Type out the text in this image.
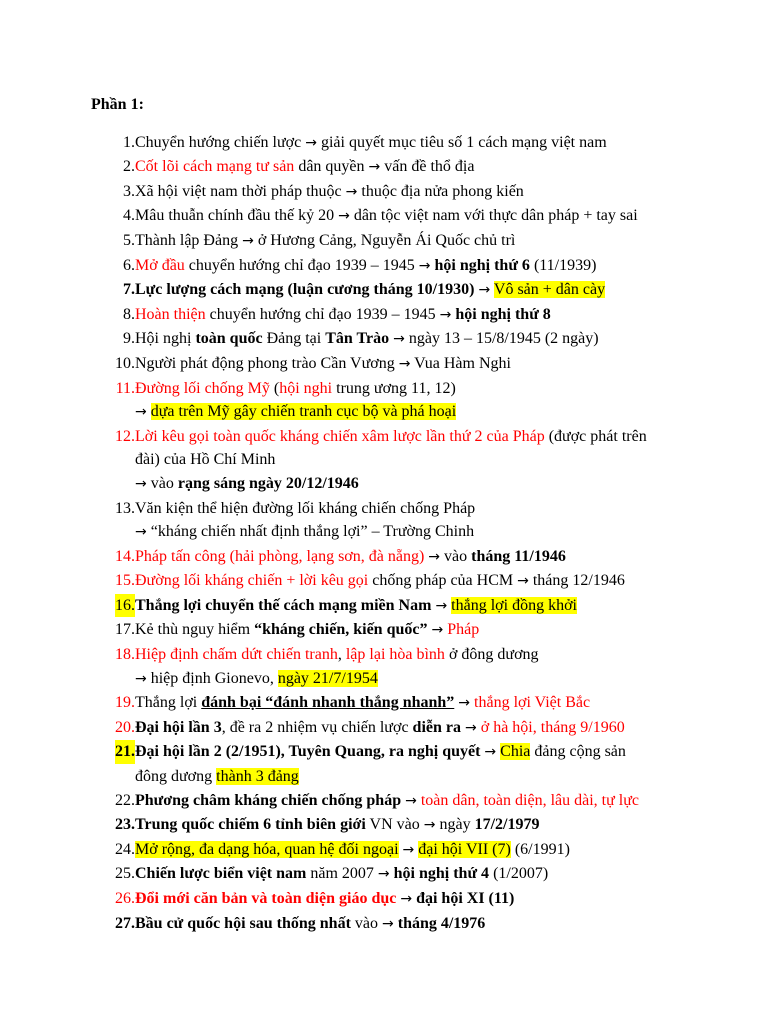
Phần 1:
1. Chuyển hướng chiến lược → giải quyết mục tiêu số 1 cách mạng việt nam
2. Cốt lõi cách mạng tư sản dân quyền → vấn đề thổ địa
3. Xã hội việt nam thời pháp thuộc → thuộc địa nửa phong kiến
4. Mâu thuẫn chính đầu thế kỷ 20 → dân tộc việt nam với thực dân pháp + tay sai
5. Thành lập Đảng → ở Hương Cảng, Nguyễn Ái Quốc chủ trì
6. Mở đầu chuyển hướng chỉ đạo 1939 – 1945 → hội nghị thứ 6 (11/1939)
7. Lực lượng cách mạng (luận cương tháng 10/1930) → Vô sản + dân cày
8. Hoàn thiện chuyển hướng chỉ đạo 1939 – 1945 → hội nghị thứ 8
9. Hội nghị toàn quốc Đảng tại Tân Trào → ngày 13 – 15/8/1945 (2 ngày)
10. Người phát động phong trào Cần Vương → Vua Hàm Nghi
11. Đường lối chống Mỹ (hội nghi trung ương 11, 12)
→ dựa trên Mỹ gây chiến tranh cục bộ và phá hoại
12. Lời kêu gọi toàn quốc kháng chiến xâm lược lần thứ 2 của Pháp (được phát trên
đài) của Hồ Chí Minh
→ vào rạng sáng ngày 20/12/1946
13. Văn kiện thể hiện đường lối kháng chiến chống Pháp
→ “kháng chiến nhất định thắng lợi” – Trường Chinh
14. Pháp tấn công (hải phòng, lạng sơn, đà nẵng) → vào tháng 11/1946
15. Đường lối kháng chiến + lời kêu gọi chống pháp của HCM → tháng 12/1946
16. Thắng lợi chuyển thế cách mạng miền Nam → thắng lợi đồng khởi
17. Kẻ thù nguy hiểm “kháng chiến, kiến quốc” → Pháp
18. Hiệp định chấm dứt chiến tranh, lập lại hòa bình ở đông dương
→ hiệp định Gionevo, ngày 21/7/1954
19. Thắng lợi đánh bại “đánh nhanh thắng nhanh” → thắng lợi Việt Bắc
20. Đại hội lần 3, đề ra 2 nhiệm vụ chiến lược diễn ra → ở hà hội, tháng 9/1960
21. Đại hội lần 2 (2/1951), Tuyên Quang, ra nghị quyết → Chia đảng cộng sản
đông dương thành 3 đảng
22. Phương châm kháng chiến chống pháp → toàn dân, toàn diện, lâu dài, tự lực
23. Trung quốc chiếm 6 tỉnh biên giới VN vào → ngày 17/2/1979
24. Mở rộng, đa dạng hóa, quan hệ đối ngoại → đại hội VII (7) (6/1991)
25. Chiến lược biển việt nam năm 2007 → hội nghị thứ 4 (1/2007)
26. Đổi mới căn bản và toàn diện giáo dục → đại hội XI (11)
27. Bầu cử quốc hội sau thống nhất vào → tháng 4/1976
